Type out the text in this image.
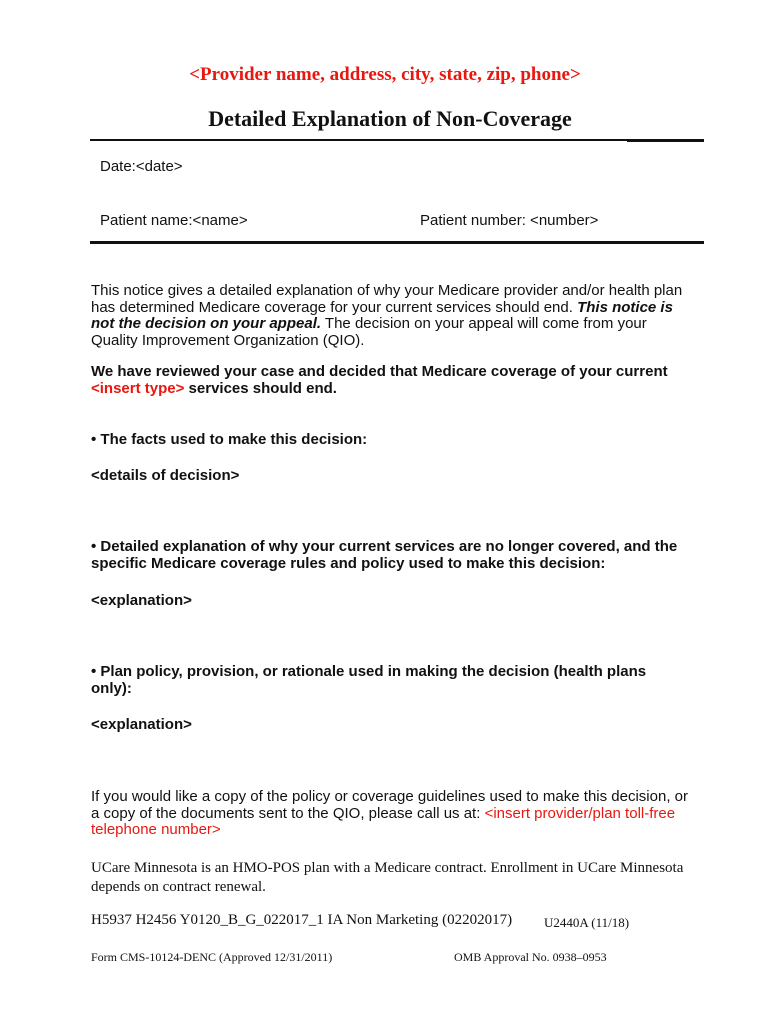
<Provider name, address, city, state, zip, phone>
Detailed Explanation of Non-Coverage
Date:<date>
Patient name:<name>	Patient number: <number>
This notice gives a detailed explanation of why your Medicare provider and/or health plan has determined Medicare coverage for your current services should end. This notice is not the decision on your appeal. The decision on your appeal will come from your Quality Improvement Organization (QIO).
We have reviewed your case and decided that Medicare coverage of your current <insert type> services should end.
• The facts used to make this decision:
<details of decision>
• Detailed explanation of why your current services are no longer covered, and the specific Medicare coverage rules and policy used to make this decision:
<explanation>
• Plan policy, provision, or rationale used in making the decision (health plans only):
<explanation>
If you would like a copy of the policy or coverage guidelines used to make this decision, or a copy of the documents sent to the QIO, please call us at: <insert provider/plan toll-free telephone number>
UCare Minnesota is an HMO-POS plan with a Medicare contract. Enrollment in UCare Minnesota depends on contract renewal.
H5937 H2456 Y0120_B_G_022017_1 IA Non Marketing (02202017) U2440A (11/18)
Form CMS-10124-DENC (Approved 12/31/2011)	OMB Approval No. 0938–0953
